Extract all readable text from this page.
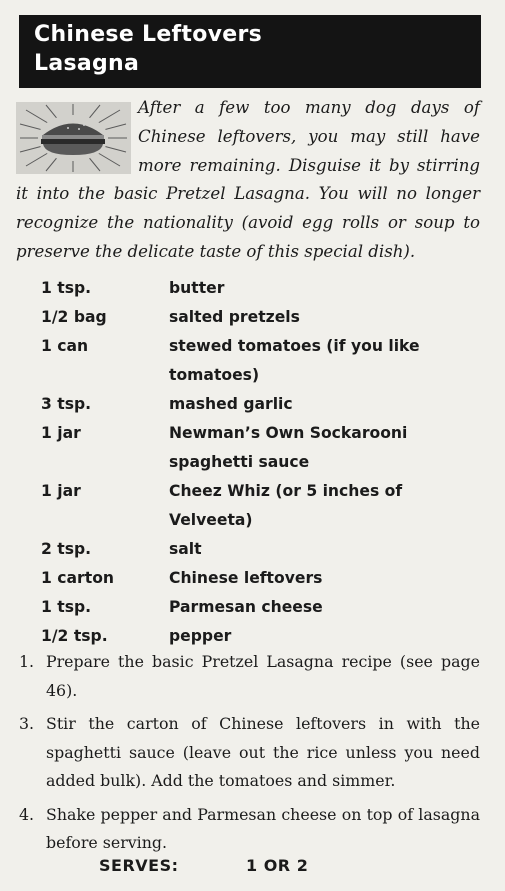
Chinese Leftovers
Lasagna

After a few too many dog days of Chinese leftovers, you may still have more remaining. Disguise it by stirring it into the basic Pretzel Lasagna. You will no longer recognize the nationality (avoid egg rolls or soup to preserve the delicate taste of this special dish).

1 tsp.	butter
1/2 bag	salted pretzels
1 can	stewed tomatoes (if you like tomatoes)
3 tsp.	mashed garlic
1 jar	Newman’s Own Sockarooni spaghetti sauce
1 jar	Cheez Whiz (or 5 inches of Velveeta)
2 tsp.	salt
1 carton	Chinese leftovers
1 tsp.	Parmesan cheese
1/2 tsp.	pepper
1. Prepare the basic Pretzel Lasagna recipe (see page 46).
3. Stir the carton of Chinese leftovers in with the spaghetti sauce (leave out the rice unless you need added bulk). Add the tomatoes and simmer.
4. Shake pepper and Parmesan cheese on top of lasagna before serving.
SERVES:	1 OR 2
